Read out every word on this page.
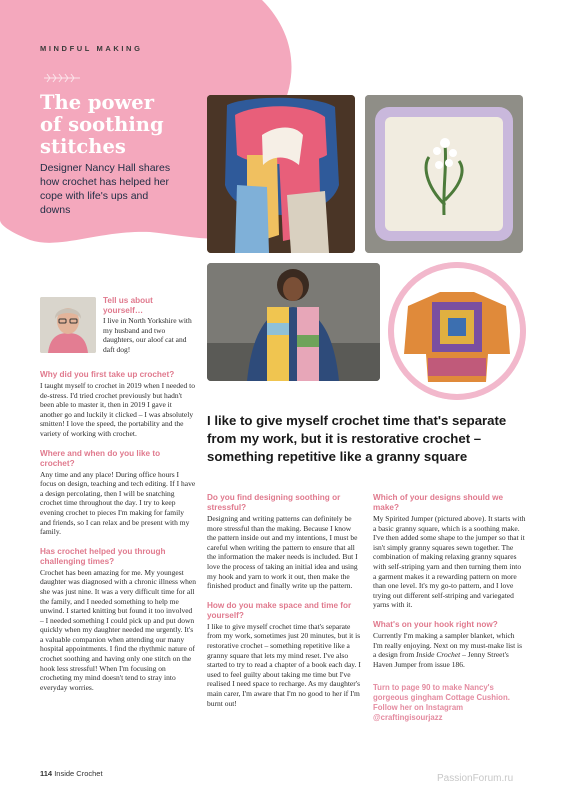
MINDFUL MAKING
The power
of soothing
stitches
Designer Nancy Hall shares how crochet has helped her cope with life's ups and downs
Tell us about yourself…
I live in North Yorkshire with my husband and two daughters, our aloof cat and daft dog!
Why did you first take up crochet?
I taught myself to crochet in 2019 when I needed to de-stress. I'd tried crochet previously but hadn't been able to master it, then in 2019 I gave it another go and luckily it clicked – I was absolutely smitten! I love the speed, the portability and the variety of working with crochet.
Where and when do you like to crochet?
Any time and any place! During office hours I focus on design, teaching and tech editing. If I have a design percolating, then I will be snatching crochet time throughout the day. I try to keep evening crochet to pieces I'm making for family and friends, so I can relax and be present with my family.
Has crochet helped you through challenging times?
Crochet has been amazing for me. My youngest daughter was diagnosed with a chronic illness when she was just nine. It was a very difficult time for all the family, and I needed something to help me unwind. I started knitting but found it too involved – I needed something I could pick up and put down quickly when my daughter needed me urgently. It's a valuable companion when attending our many hospital appointments. I find the rhythmic nature of crochet soothing and having only one stitch on the hook less stressful! When I'm focusing on crocheting my mind doesn't tend to stray into everyday worries.
I like to give myself crochet time that's separate from my work, but it is restorative crochet – something repetitive like a granny square
Do you find designing soothing or stressful?
Designing and writing patterns can definitely be more stressful than the making. Because I know the pattern inside out and my intentions, I must be careful when writing the pattern to ensure that all the information the maker needs is included. But I love the process of taking an initial idea and using my hook and yarn to work it out, then make the finished product and finally write up the pattern.
How do you make space and time for yourself?
I like to give myself crochet time that's separate from my work, sometimes just 20 minutes, but it is restorative crochet – something repetitive like a granny square that lets my mind reset. I've also started to try to read a chapter of a book each day. I used to feel guilty about taking me time but I've realised I need space to recharge. As my daughter's main carer, I'm aware that I'm no good to her if I'm burnt out!
Which of your designs should we make?
My Spirited Jumper (pictured above). It starts with a basic granny square, which is a soothing make. I've then added some shape to the jumper so that it isn't simply granny squares sewn together. The combination of making relaxing granny squares with self-striping yarn and then turning them into a garment makes it a rewarding pattern on more than one level. It's my go-to pattern, and I love trying out different self-striping and variegated yarns with it.
What's on your hook right now?
Currently I'm making a sampler blanket, which I'm really enjoying. Next on my must-make list is a design from Inside Crochet – Jenny Street's Haven Jumper from issue 186.
Turn to page 90 to make Nancy's gorgeous gingham Cottage Cushion. Follow her on Instagram @craftingisourjazz
114 Inside Crochet	PassionForum.ru
